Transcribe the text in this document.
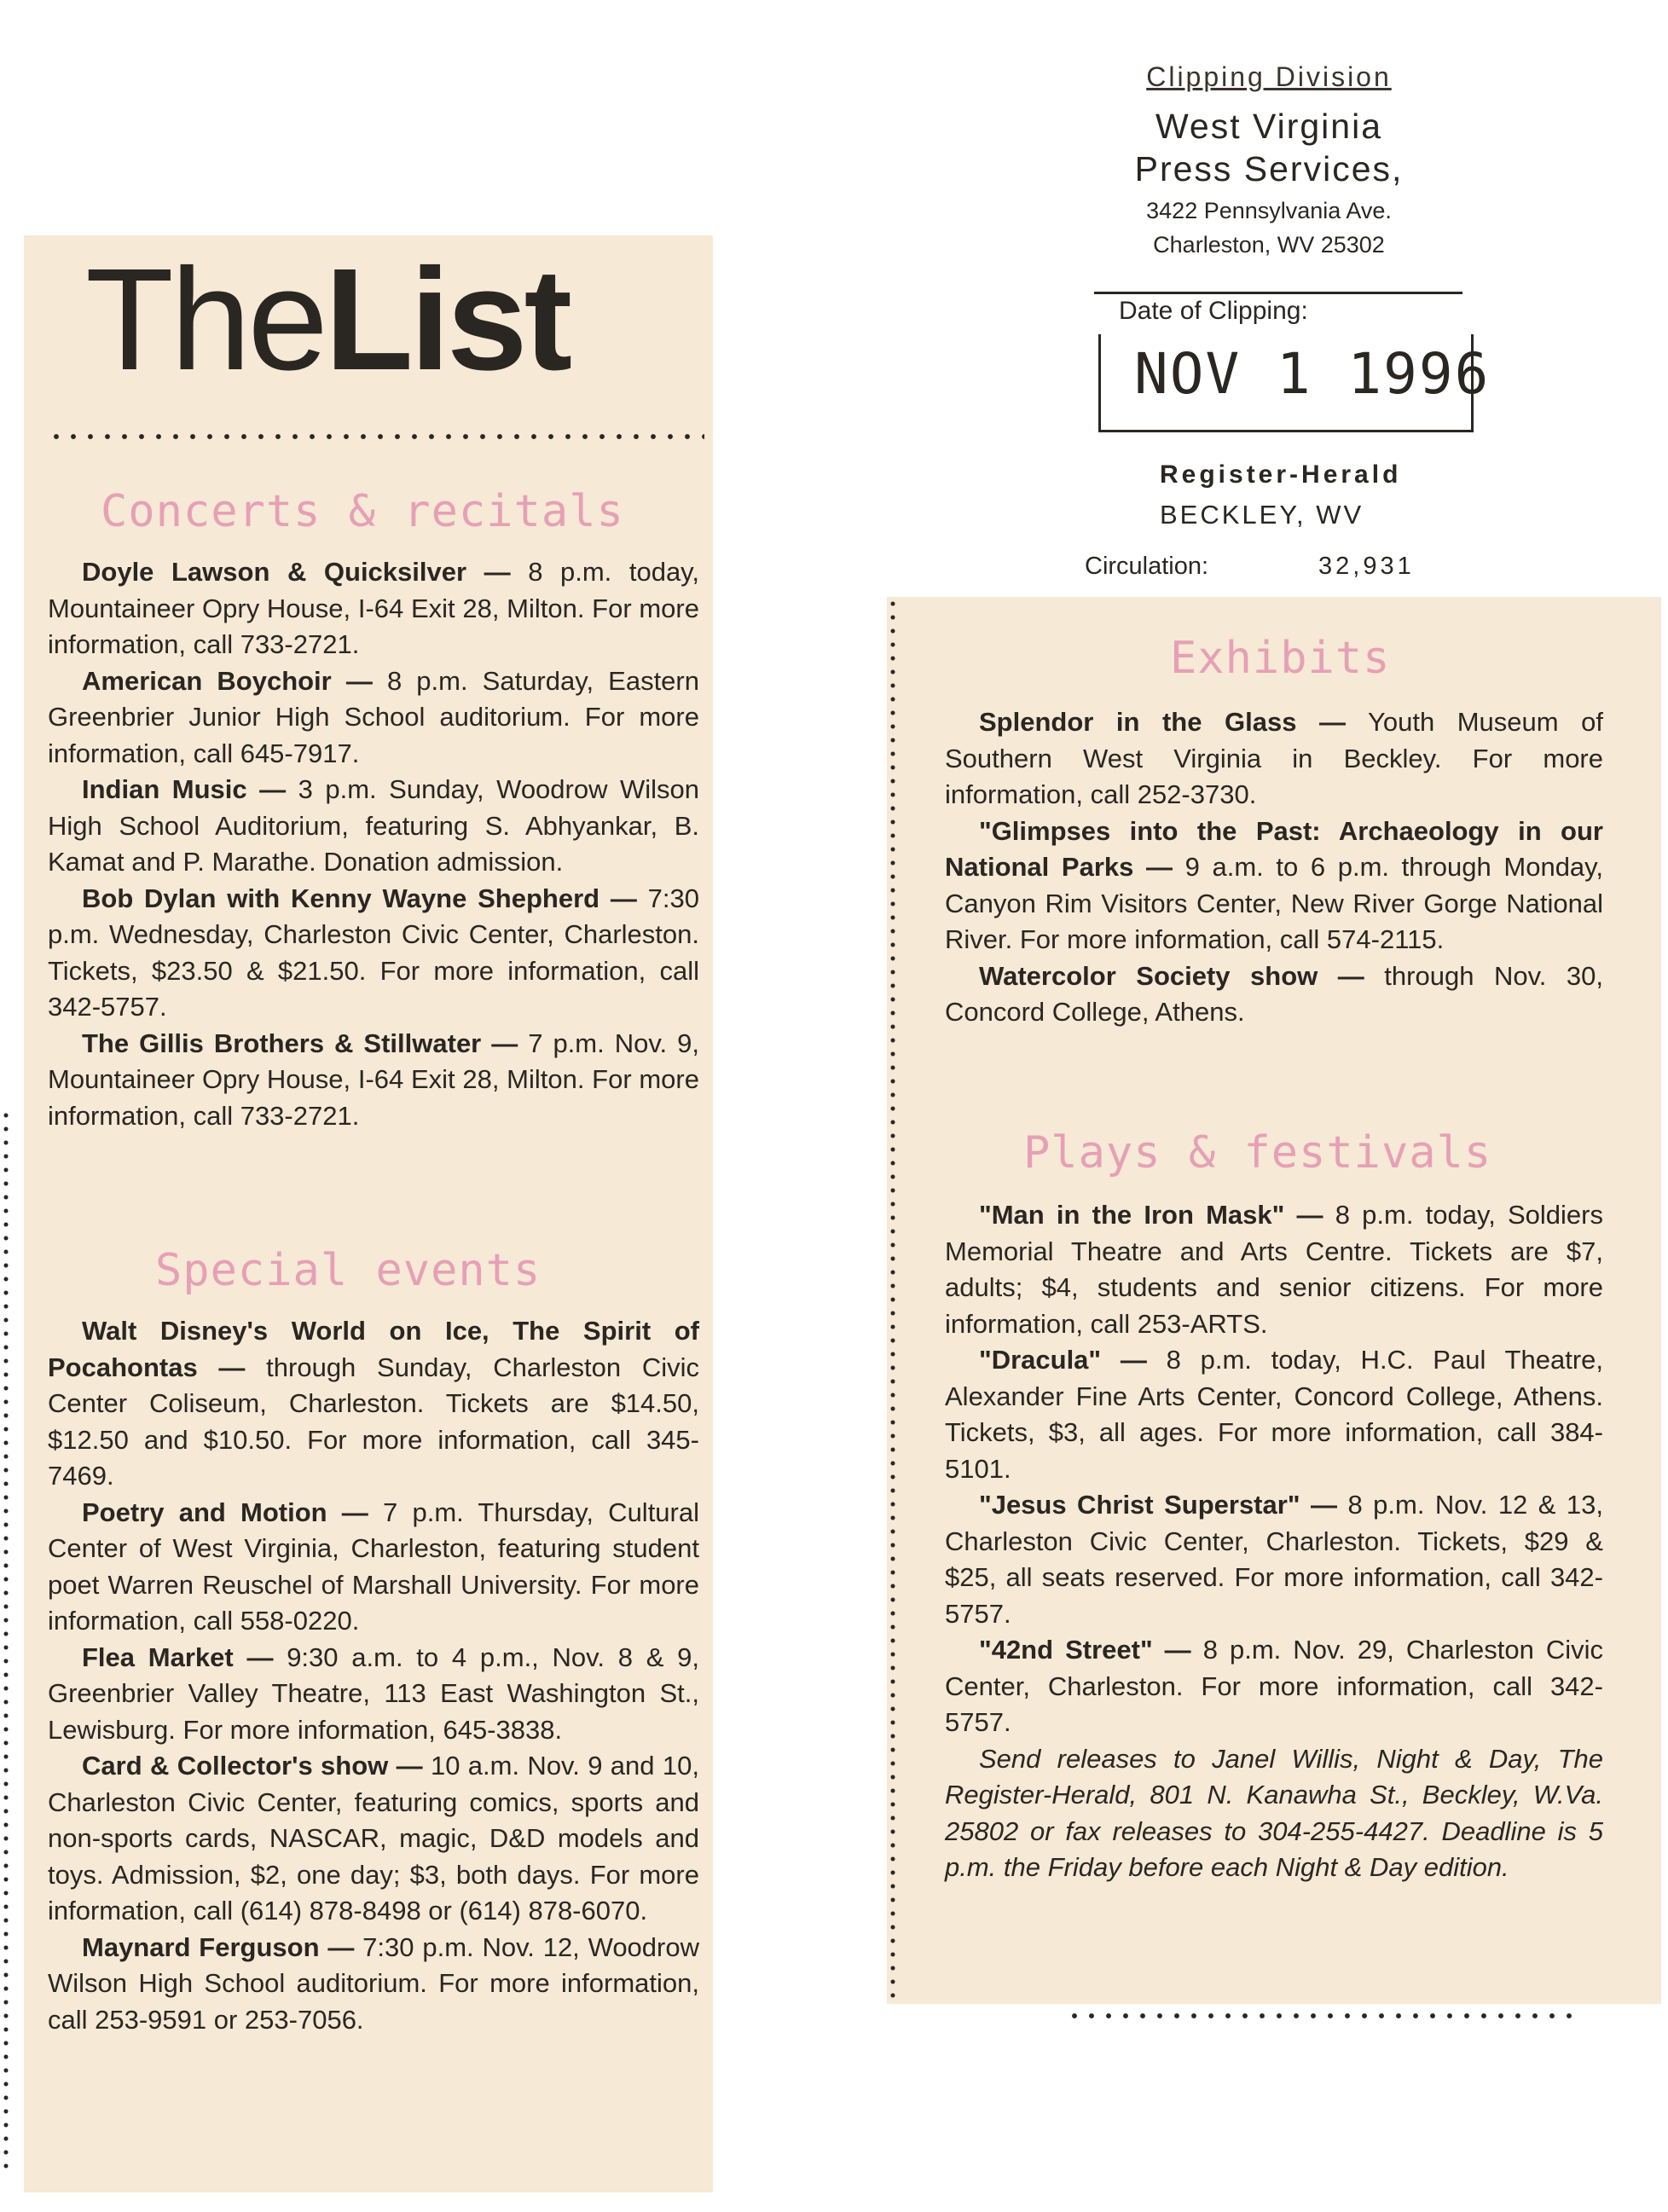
Clipping Division
West Virginia
Press Services,
3422 Pennsylvania Ave.
Charleston, WV 25302
Date of Clipping:
NOV 1 1996
Register-Herald
BECKLEY, WV
Circulation:	32,931
TheList
Concerts & recitals

Doyle Lawson & Quicksilver — 8 p.m. today, Mountaineer Opry House, I-64 Exit 28, Milton. For more information, call 733-2721.

American Boychoir — 8 p.m. Saturday, Eastern Greenbrier Junior High School auditorium. For more information, call 645-7917.

Indian Music — 3 p.m. Sunday, Woodrow Wilson High School Auditorium, featuring S. Abhyankar, B. Kamat and P. Marathe. Donation admission.

Bob Dylan with Kenny Wayne Shepherd — 7:30 p.m. Wednesday, Charleston Civic Center, Charleston. Tickets, $23.50 & $21.50. For more information, call 342-5757.

The Gillis Brothers & Stillwater — 7 p.m. Nov. 9, Mountaineer Opry House, I-64 Exit 28, Milton. For more information, call 733-2721.

Special events

Walt Disney's World on Ice, The Spirit of Pocahontas — through Sunday, Charleston Civic Center Coliseum, Charleston. Tickets are $14.50, $12.50 and $10.50. For more information, call 345-7469.

Poetry and Motion — 7 p.m. Thursday, Cultural Center of West Virginia, Charleston, featuring student poet Warren Reuschel of Marshall University. For more information, call 558-0220.

Flea Market — 9:30 a.m. to 4 p.m., Nov. 8 & 9, Greenbrier Valley Theatre, 113 East Washington St., Lewisburg. For more information, 645-3838.

Card & Collector's show — 10 a.m. Nov. 9 and 10, Charleston Civic Center, featuring comics, sports and non-sports cards, NASCAR, magic, D&D models and toys. Admission, $2, one day; $3, both days. For more information, call (614) 878-8498 or (614) 878-6070.

Maynard Ferguson — 7:30 p.m. Nov. 12, Woodrow Wilson High School auditorium. For more information, call 253-9591 or 253-7056.

Exhibits

Splendor in the Glass — Youth Museum of Southern West Virginia in Beckley. For more information, call 252-3730.

"Glimpses into the Past: Archaeology in our National Parks — 9 a.m. to 6 p.m. through Monday, Canyon Rim Visitors Center, New River Gorge National River. For more information, call 574-2115.

Watercolor Society show — through Nov. 30, Concord College, Athens.

Plays & festivals

"Man in the Iron Mask" — 8 p.m. today, Soldiers Memorial Theatre and Arts Centre. Tickets are $7, adults; $4, students and senior citizens. For more information, call 253-ARTS.

"Dracula" — 8 p.m. today, H.C. Paul Theatre, Alexander Fine Arts Center, Concord College, Athens. Tickets, $3, all ages. For more information, call 384-5101.

"Jesus Christ Superstar" — 8 p.m. Nov. 12 & 13, Charleston Civic Center, Charleston. Tickets, $29 & $25, all seats reserved. For more information, call 342-5757.

"42nd Street" — 8 p.m. Nov. 29, Charleston Civic Center, Charleston. For more information, call 342-5757.

Send releases to Janel Willis, Night & Day, The Register-Herald, 801 N. Kanawha St., Beckley, W.Va. 25802 or fax releases to 304-255-4427. Deadline is 5 p.m. the Friday before each Night & Day edition.
